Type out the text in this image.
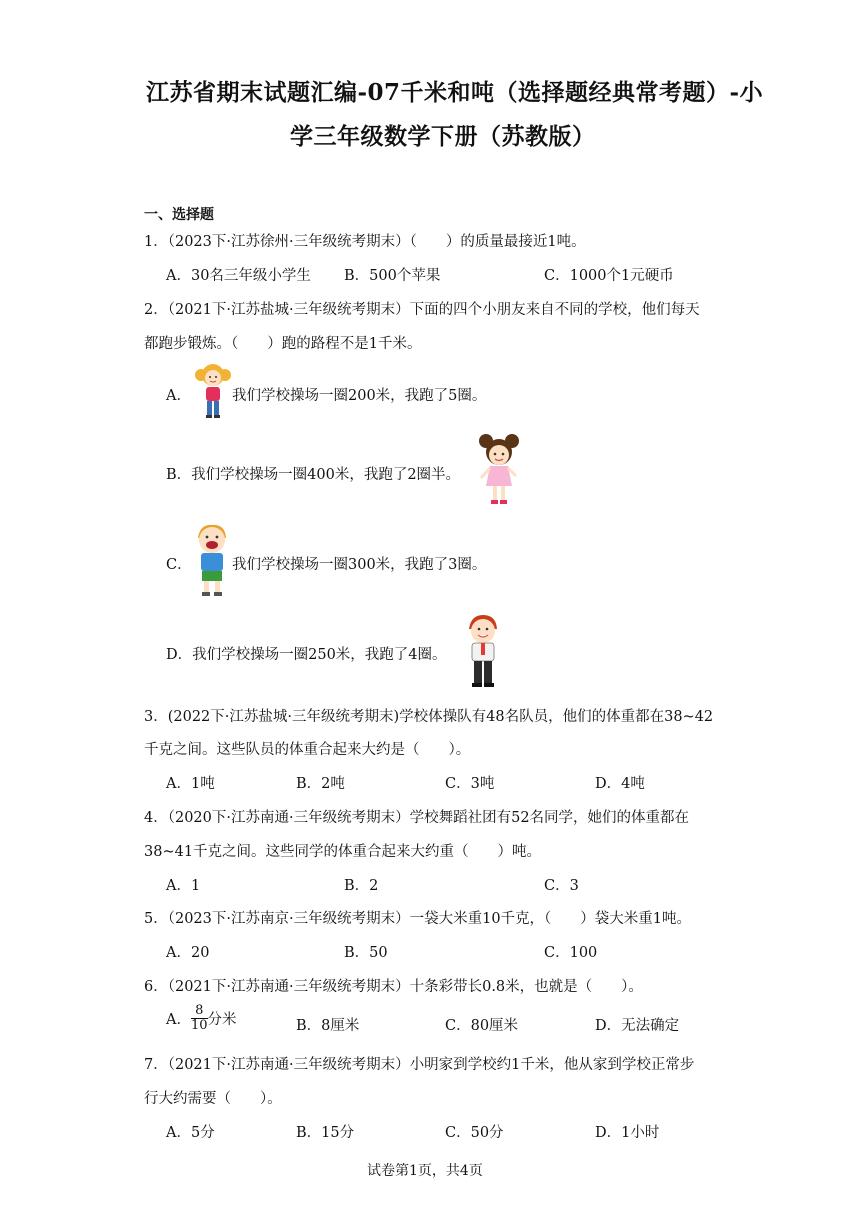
江苏省期末试题汇编-07千米和吨（选择题经典常考题）-小
学三年级数学下册（苏教版）
一、选择题
1．（2023下·江苏徐州·三年级统考期末）（　　）的质量最接近1吨。
A．30名三年级小学生 B．500个苹果	C．1000个1元硬币
2．（2021下·江苏盐城·三年级统考期末）下面的四个小朋友来自不同的学校，他们每天
都跑步锻炼。（　　）跑的路程不是1千米。
A．	我们学校操场一圈200米，我跑了5圈。
B．我们学校操场一圈400米，我跑了2圈半。
C．	我们学校操场一圈300米，我跑了3圈。
D．我们学校操场一圈250米，我跑了4圈。
3．(2022下·江苏盐城·三年级统考期末)学校体操队有48名队员，他们的体重都在38~42
千克之间。这些队员的体重合起来大约是（　　）。
A．1吨	B．2吨	C．3吨	D．4吨
4．（2020下·江苏南通·三年级统考期末）学校舞蹈社团有52名同学，她们的体重都在
38~41千克之间。这些同学的体重合起来大约重（　　）吨。
A．1	B．2	C．3
5．（2023下·江苏南京·三年级统考期末）一袋大米重10千克，（　　）袋大米重1吨。
A．20	B．50	C．100
6．（2021下·江苏南通·三年级统考期末）十条彩带长0.8米，也就是（　　）。
A． $\frac{8}{10}$ 分米	B．8厘米	C．80厘米	D．无法确定
7．（2021下·江苏南通·三年级统考期末）小明家到学校约1千米，他从家到学校正常步
行大约需要（　　）。
A．5分	B．15分	C．50分	D．1小时
试卷第1页，共4页
